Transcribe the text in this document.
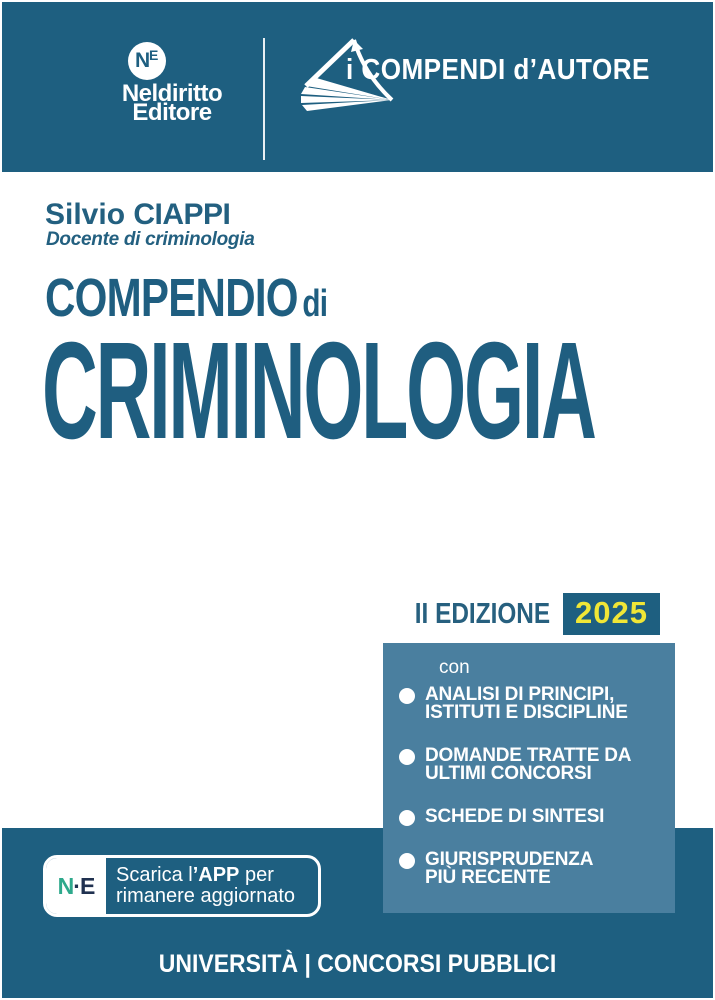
N
E
Neldiritto
Editore
i COMPENDI d’AUTORE
Silvio CIAPPI
Docente di criminologia
COMPENDIO di
CRIMINOLOGIA
II EDIZIONE 2025
con
ANALISI DI PRINCIPI,
ISTITUTI E DISCIPLINE
DOMANDE TRATTE DA
ULTIMI CONCORSI
SCHEDE DI SINTESI
GIURISPRUDENZA
PIÙ RECENTE
N·E Scarica l’APP per
rimanere aggiornato
UNIVERSITÀ | CONCORSI PUBBLICI
